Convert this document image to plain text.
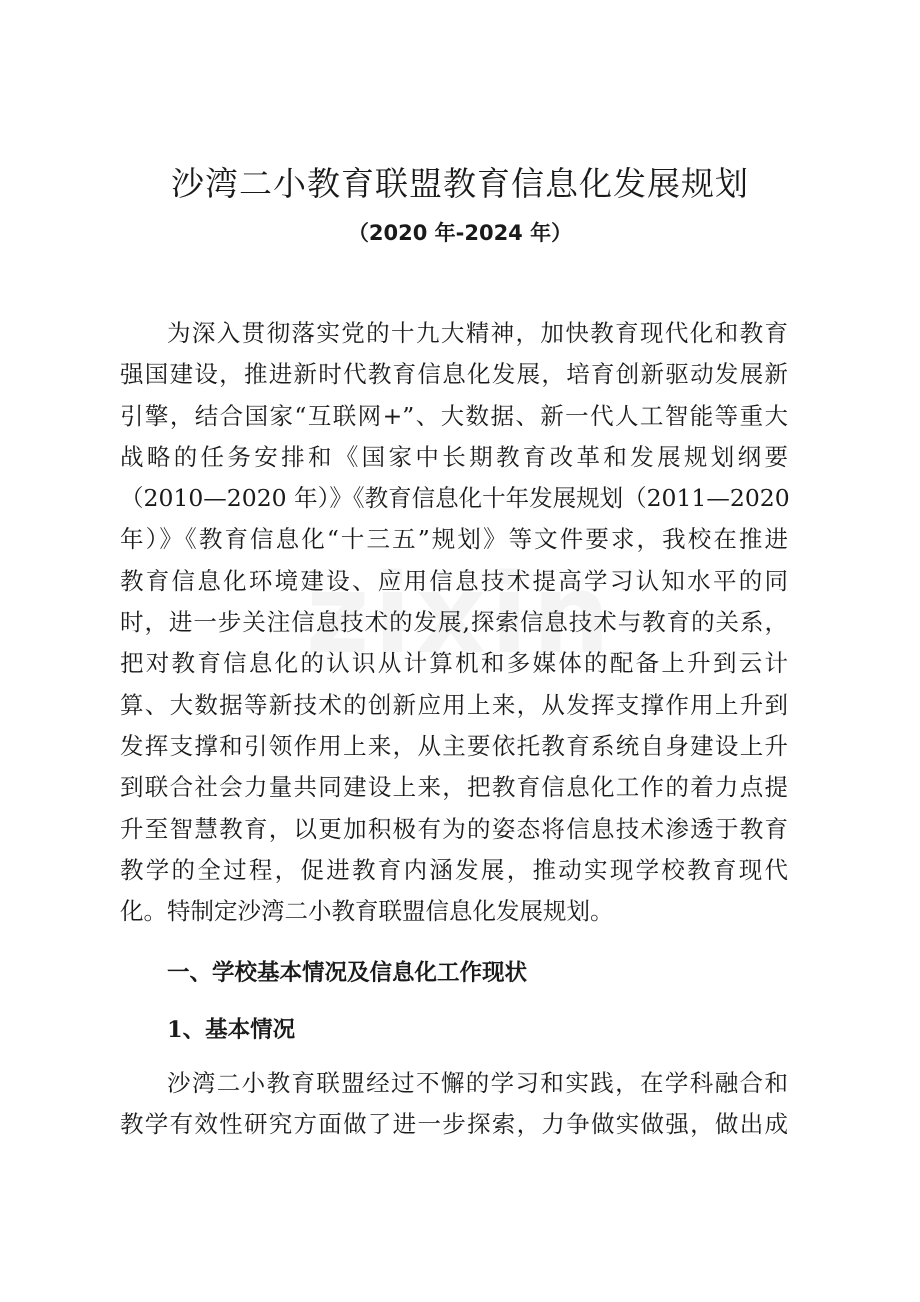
沙湾二小教育联盟教育信息化发展规划
（2020 年-2024 年）
为深入贯彻落实党的十九大精神，加快教育现代化和教育
强国建设，推进新时代教育信息化发展，培育创新驱动发展新
引擎，结合国家“互联网+”、大数据、新一代人工智能等重大
战略的任务安排和《国家中长期教育改革和发展规划纲要
（2010—2020 年）》《教育信息化十年发展规划（2011—2020
年）》《教育信息化“十三五”规划》等文件要求，我校在推进
教育信息化环境建设、应用信息技术提高学习认知水平的同
时，进一步关注信息技术的发展,探索信息技术与教育的关系，
把对教育信息化的认识从计算机和多媒体的配备上升到云计
算、大数据等新技术的创新应用上来，从发挥支撑作用上升到
发挥支撑和引领作用上来，从主要依托教育系统自身建设上升
到联合社会力量共同建设上来，把教育信息化工作的着力点提
升至智慧教育，以更加积极有为的姿态将信息技术渗透于教育
教学的全过程，促进教育内涵发展，推动实现学校教育现代
化。特制定沙湾二小教育联盟信息化发展规划。
一、学校基本情况及信息化工作现状
1、基本情况
沙湾二小教育联盟经过不懈的学习和实践，在学科融合和
教学有效性研究方面做了进一步探索，力争做实做强，做出成
